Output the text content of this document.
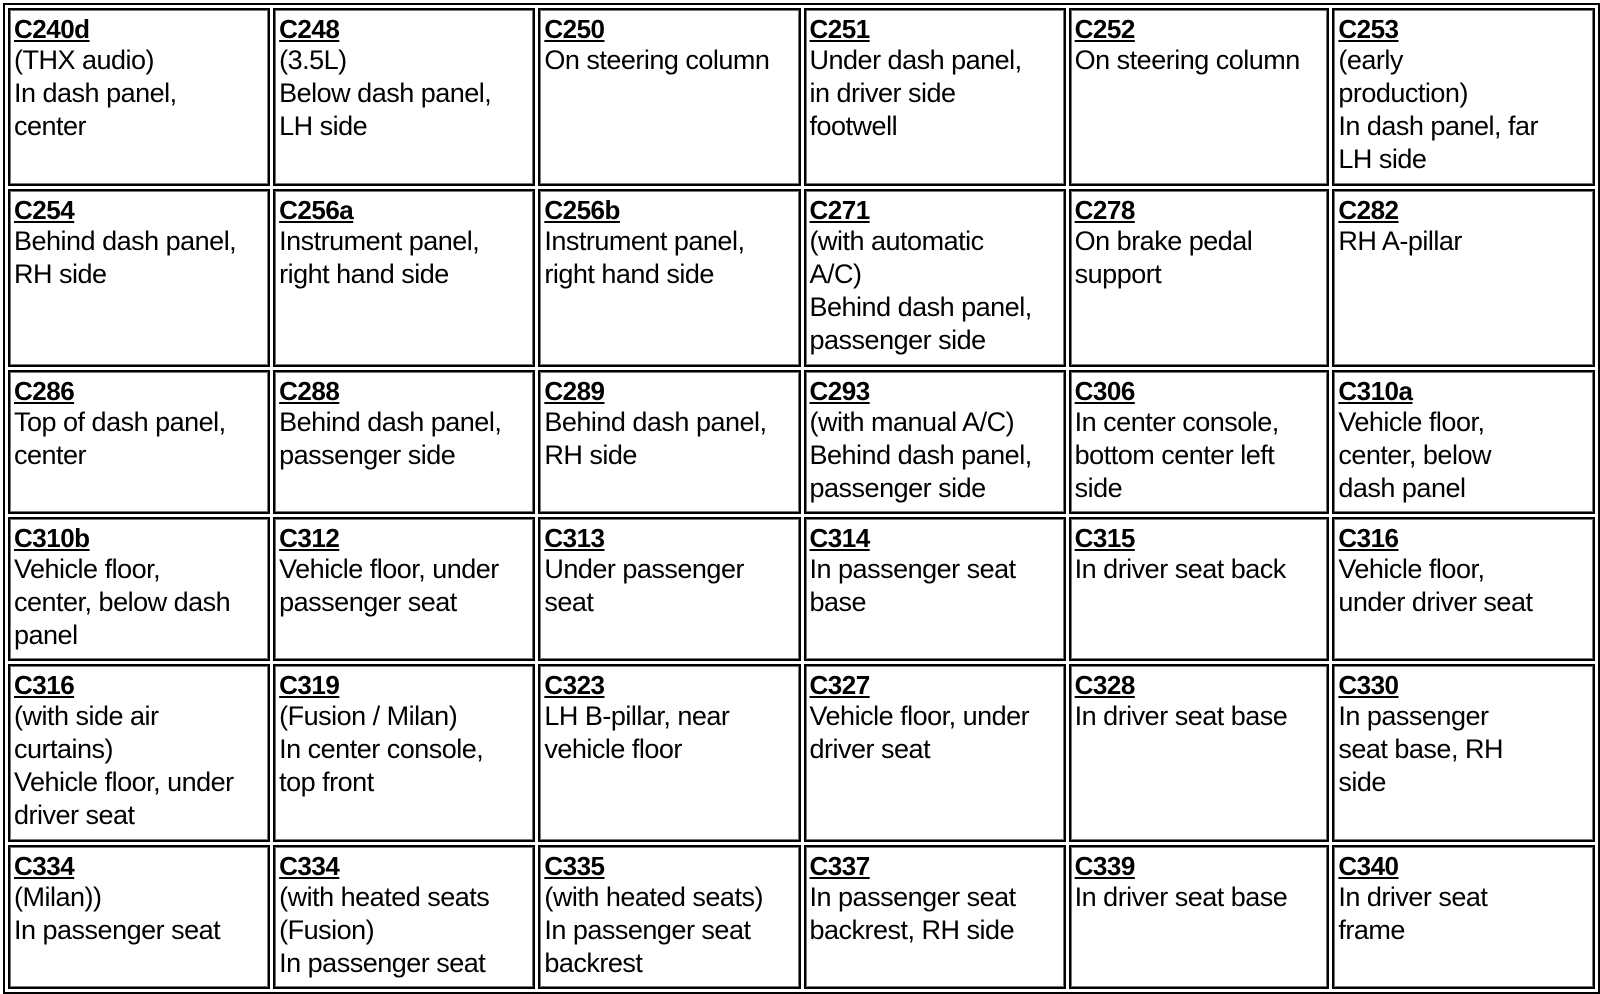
C240d
(THX audio)
In dash panel,
center	C248
(3.5L)
Below dash panel,
LH side	C250
On steering column	C251
Under dash panel,
in driver side
footwell	C252
On steering column	C253
(early
production)
In dash panel, far
LH side

C254
Behind dash panel,
RH side	C256a
Instrument panel,
right hand side	C256b
Instrument panel,
right hand side	C271
(with automatic
A/C)
Behind dash panel,
passenger side	C278
On brake pedal
support	C282
RH A-pillar

C286
Top of dash panel,
center	C288
Behind dash panel,
passenger side	C289
Behind dash panel,
RH side	C293
(with manual A/C)
Behind dash panel,
passenger side	C306
In center console,
bottom center left
side	C310a
Vehicle floor,
center, below
dash panel

C310b
Vehicle floor,
center, below dash
panel	C312
Vehicle floor, under
passenger seat	C313
Under passenger
seat	C314
In passenger seat
base	C315
In driver seat back	C316
Vehicle floor,
under driver seat

C316
(with side air
curtains)
Vehicle floor, under
driver seat	C319
(Fusion / Milan)
In center console,
top front	C323
LH B-pillar, near
vehicle floor	C327
Vehicle floor, under
driver seat	C328
In driver seat base	C330
In passenger
seat base, RH
side

C334
(Milan))
In passenger seat	C334
(with heated seats
(Fusion)
In passenger seat	C335
(with heated seats)
In passenger seat
backrest	C337
In passenger seat
backrest, RH side	C339
In driver seat base	C340
In driver seat
frame
